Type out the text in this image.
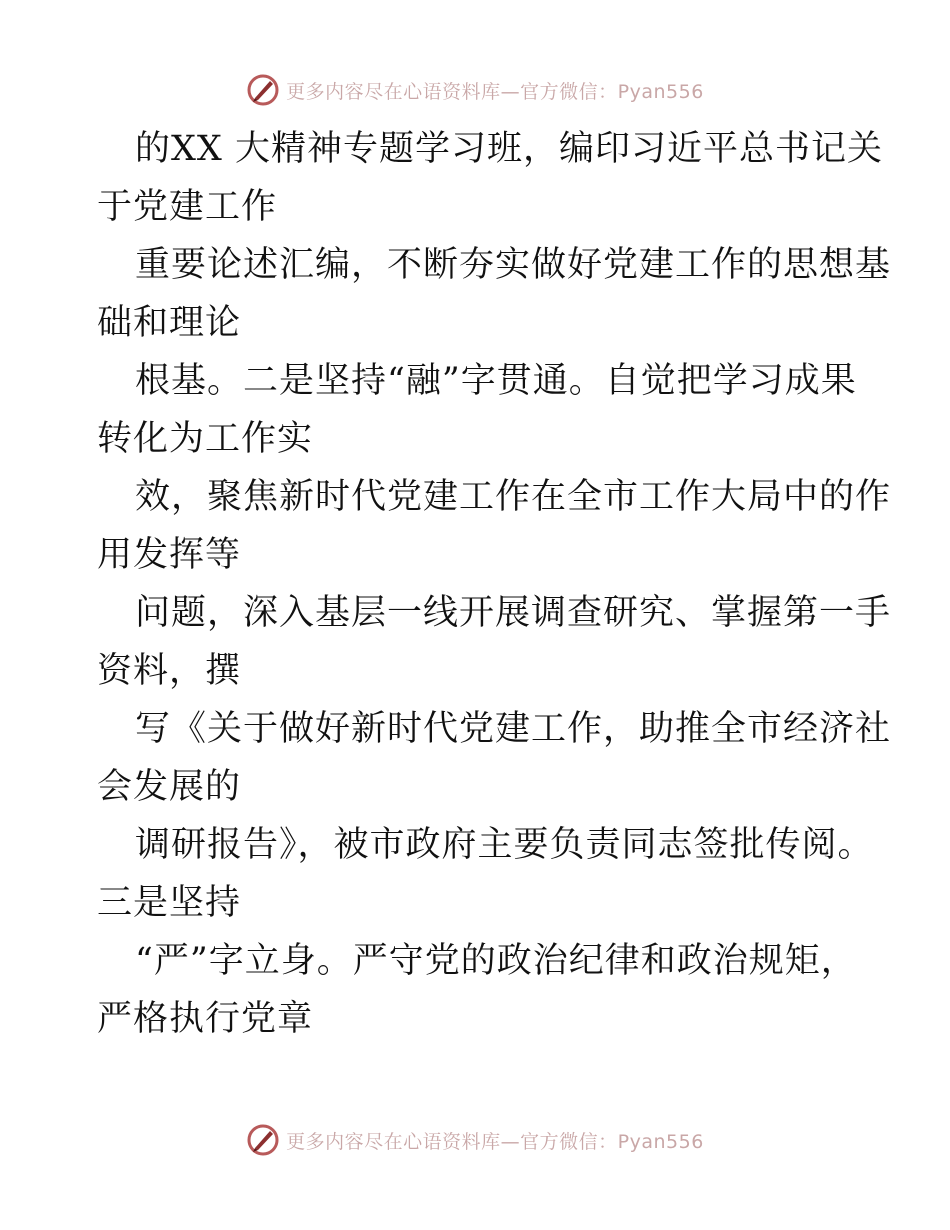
更多内容尽在心语资料库—官方微信：Pyan556
的XX 大精神专题学习班，编印习近平总书记关
于党建工作
重要论述汇编，不断夯实做好党建工作的思想基
础和理论
根基。二是坚持“融”字贯通。自觉把学习成果
转化为工作实
效，聚焦新时代党建工作在全市工作大局中的作
用发挥等
问题，深入基层一线开展调查研究、掌握第一手
资料，撰
写《关于做好新时代党建工作，助推全市经济社
会发展的
调研报告》，被市政府主要负责同志签批传阅。
三是坚持
“严”字立身。严守党的政治纪律和政治规矩，
严格执行党章
更多内容尽在心语资料库—官方微信：Pyan556
